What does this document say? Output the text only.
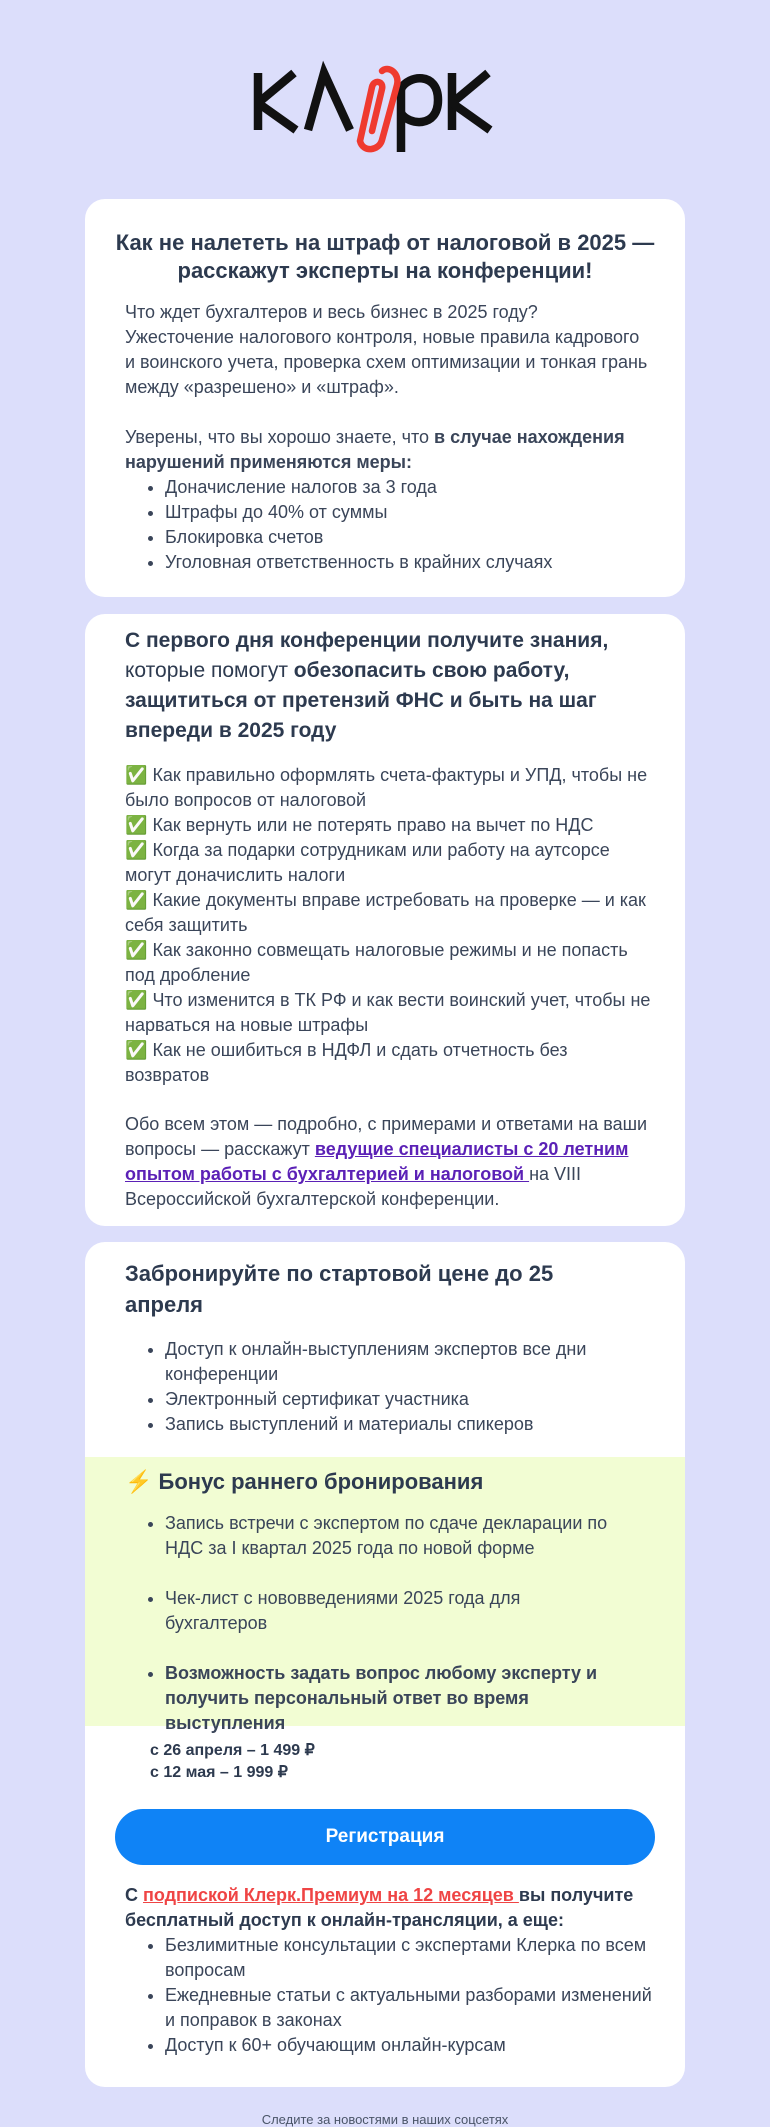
Как не налететь на штраф от налоговой в 2025 — расскажут эксперты на конференции!
Что ждет бухгалтеров и весь бизнес в 2025 году? Ужесточение налогового контроля, новые правила кадрового и воинского учета, проверка схем оптимизации и тонкая грань между «разрешено» и «штраф».
Уверены, что вы хорошо знаете, что в случае нахождения нарушений применяются меры:
• Доначисление налогов за 3 года
• Штрафы до 40% от суммы
• Блокировка счетов
• Уголовная ответственность в крайних случаях
С первого дня конференции получите знания,
которые помогут обезопасить свою работу, защититься от претензий ФНС и быть на шаг впереди в 2025 году
✅ Как правильно оформлять счета-фактуры и УПД, чтобы не было вопросов от налоговой
✅ Как вернуть или не потерять право на вычет по НДС
✅ Когда за подарки сотрудникам или работу на аутсорсе могут доначислить налоги
✅ Какие документы вправе истребовать на проверке — и как себя защитить
✅ Как законно совмещать налоговые режимы и не попасть под дробление
✅ Что изменится в ТК РФ и как вести воинский учет, чтобы не нарваться на новые штрафы
✅ Как не ошибиться в НДФЛ и сдать отчетность без возвратов
Обо всем этом — подробно, с примерами и ответами на ваши вопросы — расскажут ведущие специалисты с 20 летним опытом работы с бухгалтерией и налоговой на VIII Всероссийской бухгалтерской конференции.
Забронируйте по стартовой цене до 25 апреля
• Доступ к онлайн-выступлениям экспертов все дни конференции
• Электронный сертификат участника
• Запись выступлений и материалы спикеров
⚡ Бонус раннего бронирования
• Запись встречи с экспертом по сдаче декларации по НДС за I квартал 2025 года по новой форме
• Чек-лист с нововведениями 2025 года для бухгалтеров
• Возможность задать вопрос любому эксперту и получить персональный ответ во время выступления
с 26 апреля – 1 499 ₽
с 12 мая – 1 999 ₽
Регистрация
С подпиской Клерк.Премиум на 12 месяцев вы получите бесплатный доступ к онлайн-трансляции, а еще:
• Безлимитные консультации с экспертами Клерка по всем вопросам
• Ежедневные статьи с актуальными разборами изменений и поправок в законах
• Доступ к 60+ обучающим онлайн-курсам
Следите за новостями в наших соцсетях
